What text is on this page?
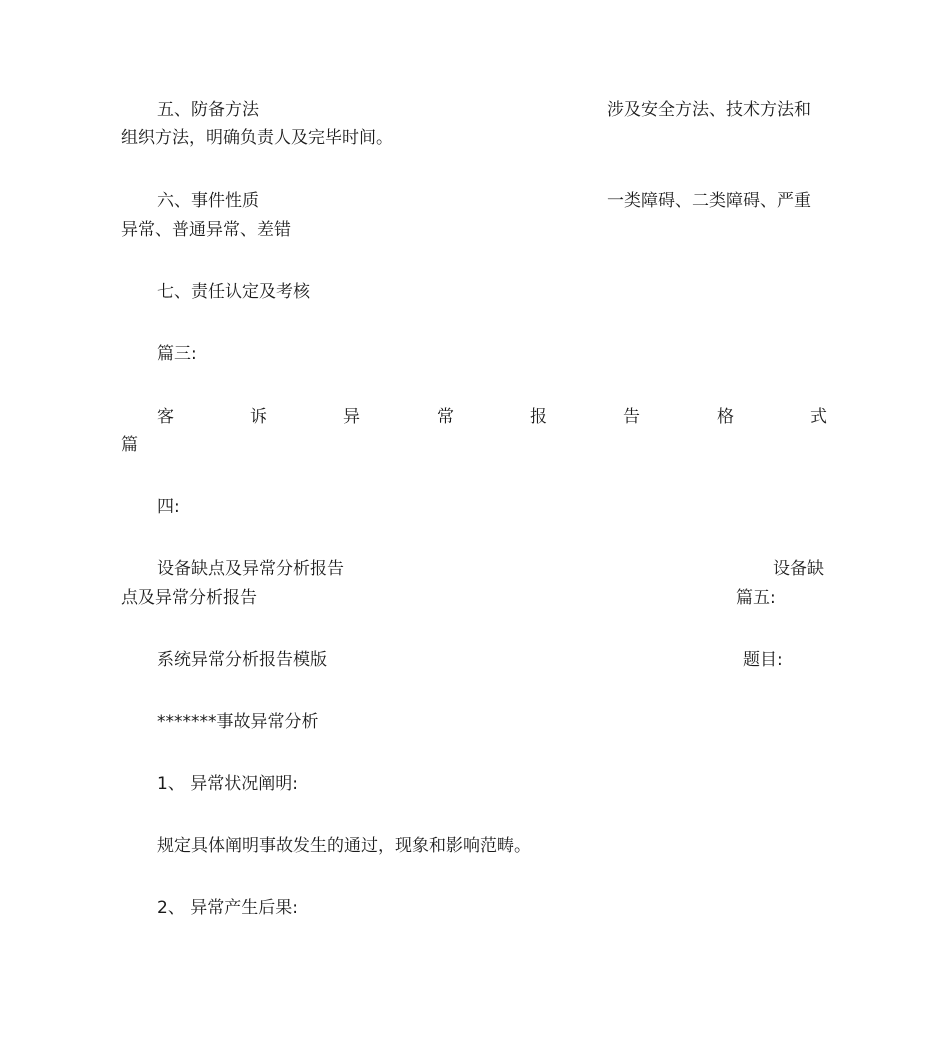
五、防备方法	涉及安全方法、技术方法和
组织方法，明确负责人及完毕时间。
六、事件性质	一类障碍、二类障碍、严重
异常、普通异常、差错
七、责任认定及考核
篇三:
客	诉	异	常	报	告	格	式
篇
四:
设备缺点及异常分析报告	设备缺
点及异常分析报告	篇五:
系统异常分析报告模版	题目:
*******事故异常分析
1、 异常状况阐明:
规定具体阐明事故发生的通过，现象和影响范畴。
2、 异常产生后果:
